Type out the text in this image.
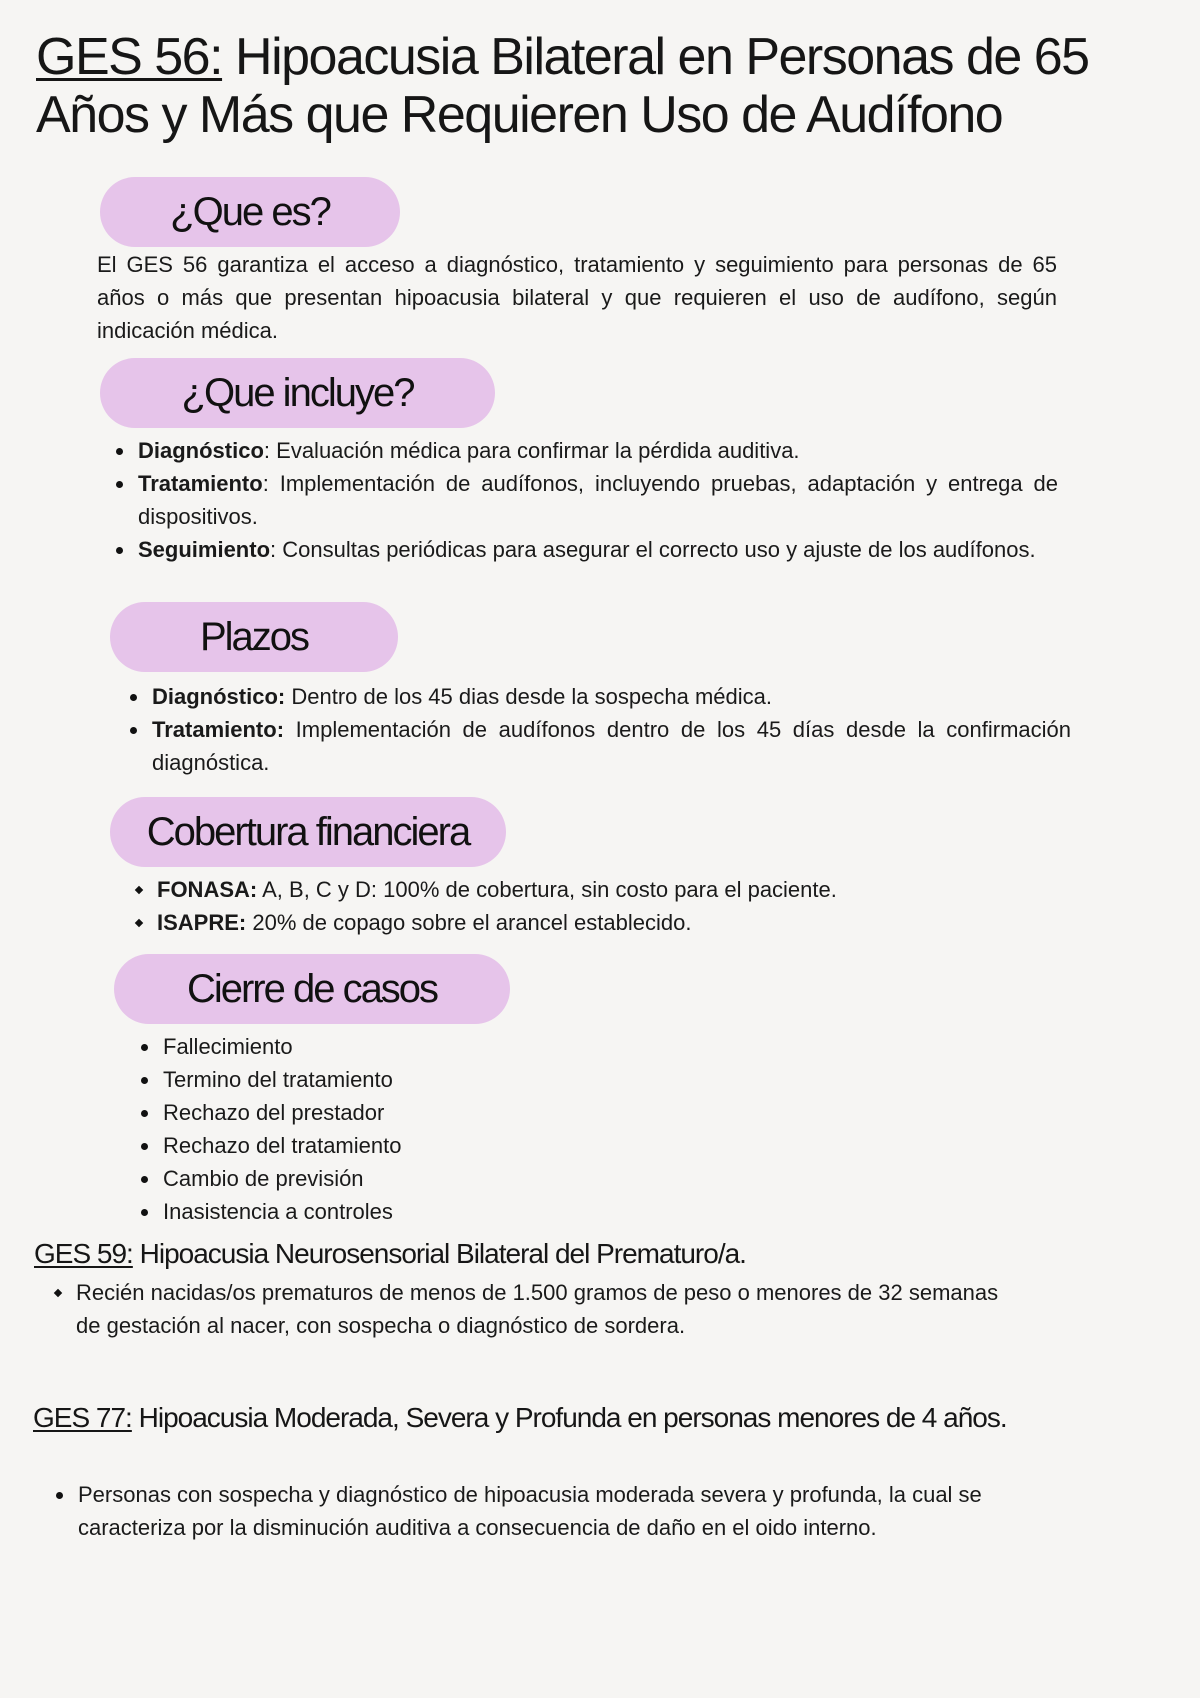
GES 56: Hipoacusia Bilateral en Personas de 65 Años y Más que Requieren Uso de Audífono
¿Que es?

El GES 56 garantiza el acceso a diagnóstico, tratamiento y seguimiento para personas de 65 años o más que presentan hipoacusia bilateral y que requieren el uso de audífono, según indicación médica.

¿Que incluye?
Diagnóstico: Evaluación médica para confirmar la pérdida auditiva.
Tratamiento: Implementación de audífonos, incluyendo pruebas, adaptación y entrega de dispositivos.
Seguimiento: Consultas periódicas para asegurar el correcto uso y ajuste de los audífonos.
Plazos
Diagnóstico: Dentro de los 45 dias desde la sospecha médica.
Tratamiento: Implementación de audífonos dentro de los 45 días desde la confirmación diagnóstica.
Cobertura financiera
FONASA: A, B, C y D: 100% de cobertura, sin costo para el paciente.
ISAPRE: 20% de copago sobre el arancel establecido.
Cierre de casos
Fallecimiento
Termino del tratamiento
Rechazo del prestador
Rechazo del tratamiento
Cambio de previsión
Inasistencia a controles
GES 59: Hipoacusia Neurosensorial Bilateral del Prematuro/a.
Recién nacidas/os prematuros de menos de 1.500 gramos de peso o menores de 32 semanas de gestación al nacer, con sospecha o diagnóstico de sordera.
GES 77: Hipoacusia Moderada, Severa y Profunda en personas menores de 4 años.
Personas con sospecha y diagnóstico de hipoacusia moderada severa y profunda, la cual se caracteriza por la disminución auditiva a consecuencia de daño en el oido interno.
